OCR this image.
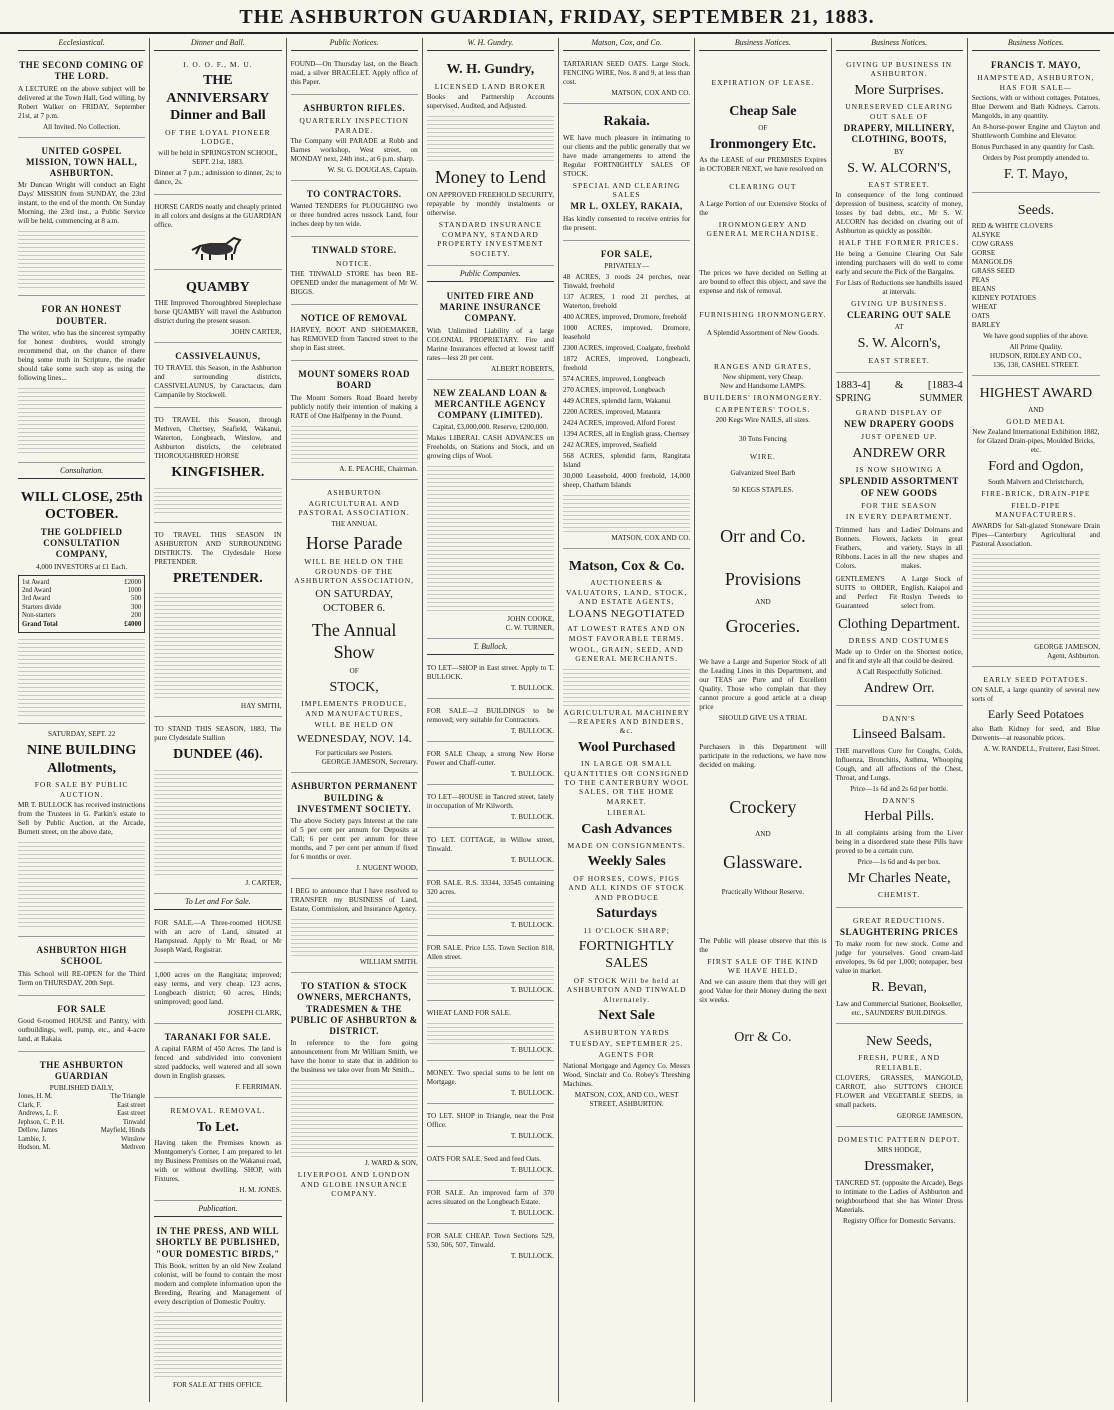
THE ASHBURTON GUARDIAN, FRIDAY, SEPTEMBER 21, 1883.
Ecclesiastical.
THE SECOND COMING OF THE LORD.

A LECTURE on the above subject will be delivered at the Town Hall, God willing, by Robert Walker on FRIDAY, September 21st, at 7 p.m.

All Invited. No Collection.
UNITED GOSPEL MISSION, TOWN HALL, ASHBURTON.

Mr Duncan Wright will conduct an Eight Days' MISSION from SUNDAY, the 23rd instant, to the end of the month. On Sunday Morning, the 23rd inst., a Public Service will be held, commencing at 8 a.m.

FOR AN HONEST DOUBTER.

The writer, who has the sincerest sympathy for honest doubters, would strongly recommend that, on the chance of there being some truth in Scripture, the reader should take some such step as using the following lines...

Consultation.
WILL CLOSE, 25th OCTOBER.
THE GOLDFIELD CONSULTATION COMPANY,
4,000 INVESTORS at £1 Each.
1st Award	£2000
2nd Award	1000
3rd Award	500
Starters divide	300
Non-starters	200
Grand Total	£4000
SATURDAY, SEPT. 22
NINE BUILDING Allotments,
FOR SALE BY PUBLIC AUCTION.

MR T. BULLOCK has received instructions from the Trustees in G. Parkin's estate to Sell by Public Auction, at the Arcade, Burnett street, on the above date,

ASHBURTON HIGH SCHOOL

This School will RE-OPEN for the Third Term on THURSDAY, 20th Sept.

FOR SALE

Good 6-roomed HOUSE and Pantry, with outbuildings, well, pump, etc., and 4-acre land, at Rakaia.

THE ASHBURTON GUARDIAN
PUBLISHED DAILY,
Jones, H. M.	The Triangle
Clark, F.	East street
Andrews, L. F.	East street
Jephson, C. P. H.	Tinwald
Dellow, James	Mayfield, Hinds
Lambie, J.	Winslow
Hudson, M.	Methven
Dinner and Ball.
I. O. O. F., M. U.
THE ANNIVERSARY Dinner and Ball
OF THE LOYAL PIONEER LODGE,

will be held in SPRINGSTON SCHOOL, SEPT. 21st, 1883.

Dinner at 7 p.m.; admission to dinner, 2s; to dance, 2s.

HORSE CARDS neatly and cheaply printed in all colors and designs at the GUARDIAN office.

QUAMBY

THE Improved Thoroughbred Steeplechase horse QUAMBY will travel the Ashburton district during the present season.

JOHN CARTER,
CASSIVELAUNUS,

TO TRAVEL this Season, in the Ashburton and surrounding districts, CASSIVELAUNUS, by Caractacus, dam Campanile by Stockwell.

TO TRAVEL this Season, through Methven, Chertsey, Seafield, Wakanui, Waterton, Longbeach, Winslow, and Ashburton districts, the celebrated THOROUGHBRED HORSE

KINGFISHER.

TO TRAVEL THIS SEASON IN ASHBURTON AND SURROUNDING DISTRICTS. The Clydesdale Horse PRETENDER.

PRETENDER.
HAY SMITH,

TO STAND THIS SEASON, 1883, The pure Clydesdale Stallion

DUNDEE (46).
J. CARTER,
To Let and For Sale.

FOR SALE.—A Three-roomed HOUSE with an acre of Land, situated at Hampstead. Apply to Mr Read, or Mr Joseph Ward, Registrar.

1,000 acres on the Rangitata; improved; easy terms, and very cheap. 123 acres, Longbeach district; 60 acres, Hinds; unimproved; good land.

JOSEPH CLARK,
TARANAKI FOR SALE.

A capital FARM of 450 Acres. The land is fenced and subdivided into convenient sized paddocks, well watered and all sown down in English grasses.

F. FERRIMAN.
REMOVAL. REMOVAL.
To Let.

Having taken the Premises known as Montgomery's Corner, I am prepared to let my Business Premises on the Wakanui road, with or without dwelling. SHOP, with Fixtures.

H. M. JONES.
Publication.
IN THE PRESS, AND WILL SHORTLY BE PUBLISHED, "OUR DOMESTIC BIRDS,"

This Book, written by an old New Zealand colonist, will be found to contain the most modern and complete information upon the Breeding, Rearing and Management of every description of Domestic Poultry.

FOR SALE AT THIS OFFICE.
Public Notices.

FOUND—On Thursday last, on the Beach road, a silver BRACELET. Apply office of this Paper.

ASHBURTON RIFLES.
QUARTERLY INSPECTION PARADE.

The Company will PARADE at Robb and Barnes workshop, West street, on MONDAY next, 24th inst., at 6 p.m. sharp.

W. St. G. DOUGLAS, Captain.
TO CONTRACTORS.

Wanted TENDERS for PLOUGHING two or three hundred acres tussock Land, four inches deep by ten wide.

TINWALD STORE.
NOTICE.

THE TINWALD STORE has been RE-OPENED under the management of Mr W. BIGGS.

NOTICE OF REMOVAL

HARVEY, BOOT AND SHOEMAKER, has REMOVED from Tancred street to the shop in East street.

MOUNT SOMERS ROAD BOARD

The Mount Somers Road Board hereby publicly notify their intention of making a RATE of One Halfpenny in the Pound.

A. E. PEACHE, Chairman.
ASHBURTON
AGRICULTURAL AND PASTORAL ASSOCIATION.
THE ANNUAL
Horse Parade
WILL BE HELD ON THE GROUNDS OF THE ASHBURTON ASSOCIATION,
ON SATURDAY, OCTOBER 6.
The Annual Show
OF
STOCK,
IMPLEMENTS PRODUCE, AND MANUFACTURES,
WILL BE HELD ON
WEDNESDAY, NOV. 14.
For particulars see Posters.
GEORGE JAMESON, Secretary.
ASHBURTON PERMANENT BUILDING & INVESTMENT SOCIETY.

The above Society pays Interest at the rate of 5 per cent per annum for Deposits at Call; 6 per cent per annum for three months, and 7 per cent per annum if fixed for 6 months or over.

J. NUGENT WOOD,

I BEG to announce that I have resolved to TRANSFER my BUSINESS of Land, Estate, Commission, and Insurance Agency.

WILLIAM SMITH.
TO STATION & STOCK OWNERS, MERCHANTS, TRADESMEN & THE PUBLIC OF ASHBURTON & DISTRICT.

In reference to the fore going announcement from Mr William Smith, we have the honor to state that in addition to the business we take over from Mr Smith...

J. WARD & SON,
LIVERPOOL AND LONDON AND GLOBE INSURANCE COMPANY.
W. H. Gundry.
W. H. Gundry,
LICENSED LAND BROKER

Books and Partnership Accounts supervised, Audited, and Adjusted.

Money to Lend

ON APPROVED FREEHOLD SECURITY, repayable by monthly instalments or otherwise.

STANDARD INSURANCE COMPANY, STANDARD PROPERTY INVESTMENT SOCIETY.
Public Companies.
UNITED FIRE AND MARINE INSURANCE COMPANY.

With Unlimited Liability of a large COLONIAL PROPRIETARY. Fire and Marine Insurances effected at lowest tariff rates—less 20 per cent.

ALBERT ROBERTS,
NEW ZEALAND LOAN & MERCANTILE AGENCY COMPANY (LIMITED).
Capital, £3,000,000. Reserve, £200,000.

Makes LIBERAL CASH ADVANCES on Freeholds, on Stations and Stock, and on growing clips of Wool.

JOHN COOKE,
C. W. TURNER,
T. Bullock.

TO LET—SHOP in East street. Apply to T. BULLOCK.

T. BULLOCK.

FOR SALE—2 BUILDINGS to be removed; very suitable for Contractors.

T. BULLOCK.

FOR SALE Cheap, a strong New Horse Power and Chaff-cutter.

T. BULLOCK.

TO LET—HOUSE in Tancred street, lately in occupation of Mr Kilworth.

T. BULLOCK.

TO LET. COTTAGE, in Willow street, Tinwald.

T. BULLOCK.

FOR SALE. R.S. 33344, 33545 containing 320 acres.

T. BULLOCK.

FOR SALE. Price L55. Town Section 818, Allen street.

T. BULLOCK.

WHEAT LAND FOR SALE.

T. BULLOCK.

MONEY. Two special sums to be lent on Mortgage.

T. BULLOCK.

TO LET. SHOP in Triangle, near the Post Office.

T. BULLOCK.

OATS FOR SALE. Seed and feed Oats.

T. BULLOCK.

FOR SALE. An improved farm of 370 acres situated on the Longbeach Estate.

T. BULLOCK.

FOR SALE CHEAP. Town Sections 529, 530, 506, 507, Tinwald.

T. BULLOCK.
Matson, Cox, and Co.

TARTARIAN SEED OATS. Large Stock. FENCING WIRE, Nos. 8 and 9, at less than cost.

MATSON, COX AND CO.
Rakaia.

WE have much pleasure in intimating to our clients and the public generally that we have made arrangements to attend the Regular FORTNIGHTLY SALES OF STOCK.

SPECIAL AND CLEARING SALES
MR L. OXLEY, RAKAIA,

Has kindly consented to receive entries for the present.

FOR SALE,
PRIVATELY—

48 ACRES, 3 roods 24 perches, near Tinwald, freehold

137 ACRES, 1 rood 21 perches, at Waterton, freehold

400 ACRES, improved, Dromore, freehold

1000 ACRES, improved, Dromore, leasehold

2300 ACRES, improved, Coalgate, freehold

1872 ACRES, improved, Longbeach, freehold

574 ACRES, improved, Longbeach

270 ACRES, improved, Longbeach

449 ACRES, splendid farm, Wakanui

2200 ACRES, improved, Mataura

2424 ACRES, improved, Alford Forest

1394 ACRES, all in English grass, Chertsey

242 ACRES, improved, Seafield

568 ACRES, splendid farm, Rangitata Island

30,000 Leasehold, 4000 freehold, 14,000 sheep, Chatham Islands

MATSON, COX AND CO.
Matson, Cox & Co.
AUCTIONEERS & VALUATORS, LAND, STOCK, AND ESTATE AGENTS,
LOANS NEGOTIATED
AT LOWEST RATES AND ON MOST FAVORABLE TERMS.
WOOL, GRAIN, SEED, AND GENERAL MERCHANTS.
AGRICULTURAL MACHINERY—REAPERS AND BINDERS, &c.
Wool Purchased
IN LARGE OR SMALL QUANTITIES OR CONSIGNED TO THE CANTERBURY WOOL SALES, OR THE HOME MARKET.
LIBERAL
Cash Advances
MADE ON CONSIGNMENTS.
Weekly Sales
OF HORSES, COWS, PIGS AND ALL KINDS OF STOCK AND PRODUCE
Saturdays
11 O'CLOCK SHARP;
FORTNIGHTLY SALES
OF STOCK Will be held at ASHBURTON AND TINWALD Alternately.
Next Sale
ASHBURTON YARDS
TUESDAY, SEPTEMBER 25.
AGENTS FOR

National Mortgage and Agency Co. Messrs Wood, Sinclair and Co. Robey's Threshing Machines.

MATSON, COX, AND CO., WEST STREET, ASHBURTON.
Business Notices.
EXPIRATION OF LEASE.
Cheap Sale
OF
Ironmongery Etc.

As the LEASE of our PREMISES Expires in OCTOBER NEXT, we have resolved on

CLEARING OUT

A Large Portion of our Extensive Stocks of the

IRONMONGERY AND GENERAL MERCHANDISE.

The prices we have decided on Selling at are bound to effect this object, and save the expense and risk of removal.

FURNISHING IRONMONGERY.
A Splendid Assortment of New Goods.
RANGES AND GRATES,
New shipment, very Cheap.
New and Handsome LAMPS.
BUILDERS' IRONMONGERY.
CARPENTERS' TOOLS.
200 Kegs Wire NAILS, all sizes.
30 Tons Fencing
WIRE.
Galvanized Steel Barb
50 KEGS STAPLES.
Orr and Co.
Provisions
AND
Groceries.

We have a Large and Superior Stock of all the Leading Lines in this Department, and our TEAS are Pure and of Excellent Quality. Those who complain that they cannot procure a good article at a cheap price

SHOULD GIVE US A TRIAL

Purchasers in this Department will participate in the reductions, we have now decided on making.

Crockery
AND
Glassware.
Practically Without Reserve.

The Public will please observe that this is the

FIRST SALE OF THE KIND WE HAVE HELD,

And we can assure them that they will get good Value for their Money during the next six weeks.

Orr & Co.
Business Notices.
GIVING UP BUSINESS IN ASHBURTON.
More Surprises.
UNRESERVED CLEARING OUT SALE OF
DRAPERY, MILLINERY, CLOTHING, BOOTS,
BY
S. W. ALCORN'S,
EAST STREET.

In consequence of the long continued depression of business, scarcity of money, losses by bad debts, etc., Mr S. W. ALCORN has decided on clearing out of Ashburton as quickly as possible.

HALF THE FORMER PRICES.

He being a Genuine Clearing Out Sale intending purchasers will do well to come early and secure the Pick of the Bargains.

For Lists of Reductions see handbills issued at intervals.

GIVING UP BUSINESS.
CLEARING OUT SALE
AT
S. W. Alcorn's,
EAST STREET.
1883-4] & [1883-4
SPRING	SUMMER
GRAND DISPLAY OF
NEW DRAPERY GOODS
JUST OPENED UP.
ANDREW ORR
IS NOW SHOWING A
SPLENDID ASSORTMENT OF NEW GOODS
FOR THE SEASON
IN EVERY DEPARTMENT.

Trimmed hats and Bonnets. Flowers, Feathers, and Ribbons. Laces in all Colors.

Ladies' Dolmans and Jackets in great variety. Stays in all the new shapes and makes.

GENTLEMEN'S SUITS to ORDER, and Perfect Fit Guaranteed

A Large Stock of English, Kaiapoi and Roslyn Tweeds to select from.

Clothing Department.
DRESS AND COSTUMES

Made up to Order on the Shortest notice, and fit and style all that could be desired.

A Call Respectfully Solicited.
Andrew Orr.
DANN'S
Linseed Balsam.

THE marvellous Cure for Coughs, Colds, Influenza, Bronchitis, Asthma, Whooping Cough, and all affections of the Chest, Throat, and Lungs.

Price—1s 6d and 2s 6d per bottle.
DANN'S
Herbal Pills.

In all complaints arising from the Liver being in a disordered state these Pills have proved to be a certain cure.

Price—1s 6d and 4s per box.
Mr Charles Neate,
CHEMIST.
GREAT REDUCTIONS.
SLAUGHTERING PRICES

To make room for new stock. Come and judge for yourselves. Good cream-laid envelopes, 9s 6d per 1,000; notepaper, best value in market.

R. Bevan,
Law and Commercial Stationer, Bookseller, etc., SAUNDERS' BUILDINGS.
New Seeds,
FRESH, PURE, AND RELIABLE.

CLOVERS, GRASSES, MANGOLD, CARROT, also SUTTON'S CHOICE FLOWER and VEGETABLE SEEDS, in small packets.

GEORGE JAMESON,
DOMESTIC PATTERN DEPOT.
MRS HODGE,
Dressmaker,

TANCRED ST. (opposite the Arcade), Begs to intimate to the Ladies of Ashburton and neighbourhood that she has Winter Dress Materials.

Registry Office for Domestic Servants.
Business Notices.
FRANCIS T. MAYO,
HAMPSTEAD, ASHBURTON, HAS FOR SALE—

Sections, with or without cottages. Potatoes, Blue Derwent and Bath Kidneys. Carrots. Mangolds, in any quantity.

An 8-horse-power Engine and Clayton and Shuttleworth Combine and Elevator.

Bonus Purchased in any quantity for Cash.

Orders by Post promptly attended to.
F. T. Mayo,
Seeds.
RED & WHITE CLOVERS
ALSYKE
COW GRASS
GORSE
MANGOLDS
GRASS SEED
PEAS
BEANS
KIDNEY POTATOES
WHEAT
OATS
BARLEY

We have good supplies of the above.

All Prime Quality.
HUDSON, RIDLEY AND CO.,
136, 138, CASHEL STREET.
HIGHEST AWARD
AND
GOLD MEDAL

New Zealand International Exhibition 1882, for Glazed Drain-pipes, Moulded Bricks, etc.

Ford and Ogdon,
South Malvern and Christchurch,
FIRE-BRICK, DRAIN-PIPE
FIELD-PIPE MANUFACTURERS.

AWARDS for Salt-glazed Stoneware Drain Pipes—Canterbury Agricultural and Pastoral Association.

GEORGE JAMESON,
Agent, Ashburton.
EARLY SEED POTATOES.

ON SALE, a large quantity of several new sorts of

Early Seed Potatoes

also Bath Kidney for seed, and Blue Derwents—at reasonable prices.

A. W. RANDELL, Fruiterer, East Street.
